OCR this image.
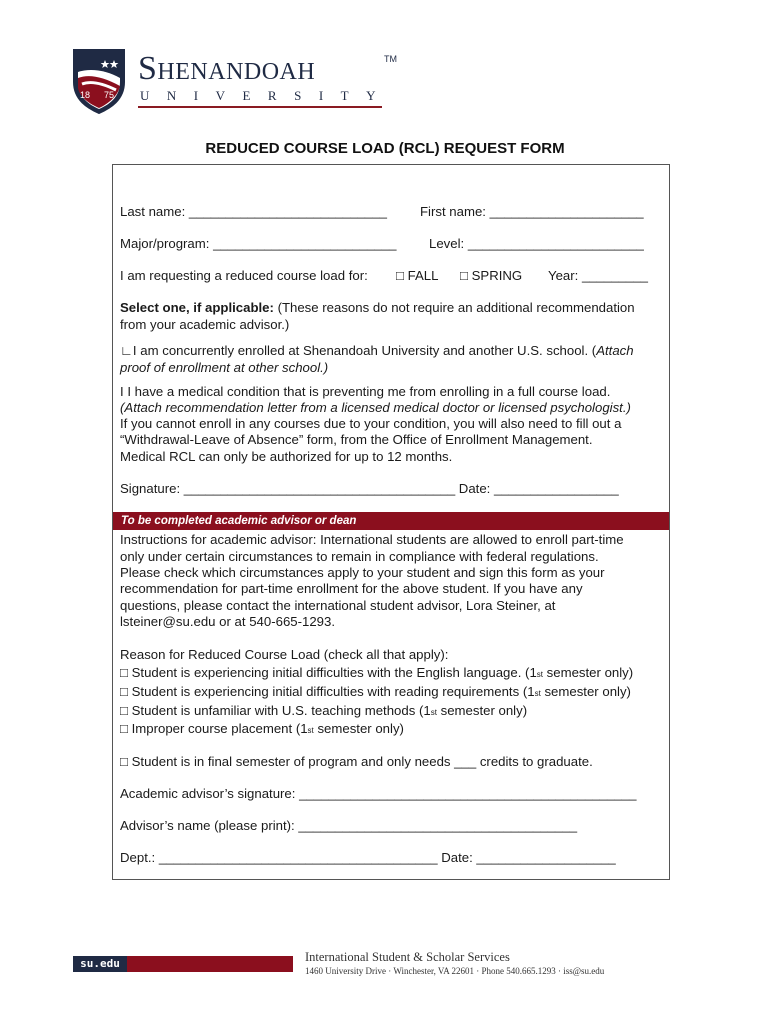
18 75
Shenandoah
UNIVERSITY
TM
REDUCED COURSE LOAD (RCL) REQUEST FORM
Last name: ___________________________	First name: _____________________
Major/program: _________________________ Level: ________________________
I am requesting a reduced course load for: □ FALL □ SPRING Year: _________
Select one, if applicable: (These reasons do not require an additional recommendation
from your academic advisor.)
∟I am concurrently enrolled at Shenandoah University and another U.S. school. (Attach
proof of enrollment at other school.)
I I have a medical condition that is preventing me from enrolling in a full course load.
(Attach recommendation letter from a licensed medical doctor or licensed psychologist.)
If you cannot enroll in any courses due to your condition, you will also need to fill out a
“Withdrawal-Leave of Absence” form, from the Office of Enrollment Management.
Medical RCL can only be authorized for up to 12 months.
Signature: _____________________________________ Date: _________________
To be completed academic advisor or dean
Instructions for academic advisor: International students are allowed to enroll part-time
only under certain circumstances to remain in compliance with federal regulations.
Please check which circumstances apply to your student and sign this form as your
recommendation for part-time enrollment for the above student. If you have any
questions, please contact the international student advisor, Lora Steiner, at
lsteiner@su.edu or at 540-665-1293.
Reason for Reduced Course Load (check all that apply):
□ Student is experiencing initial difficulties with the English language. (1st semester only)
□ Student is experiencing initial difficulties with reading requirements (1st semester only)
□ Student is unfamiliar with U.S. teaching methods (1st semester only)
□ Improper course placement (1st semester only)
□ Student is in final semester of program and only needs ___ credits to graduate.
Academic advisor’s signature: ______________________________________________
Advisor’s name (please print): ______________________________________
Dept.: ______________________________________ Date: ___________________
su.edu	International Student & Scholar Services
1460 University Drive · Winchester, VA 22601 · Phone 540.665.1293 · iss@su.edu
